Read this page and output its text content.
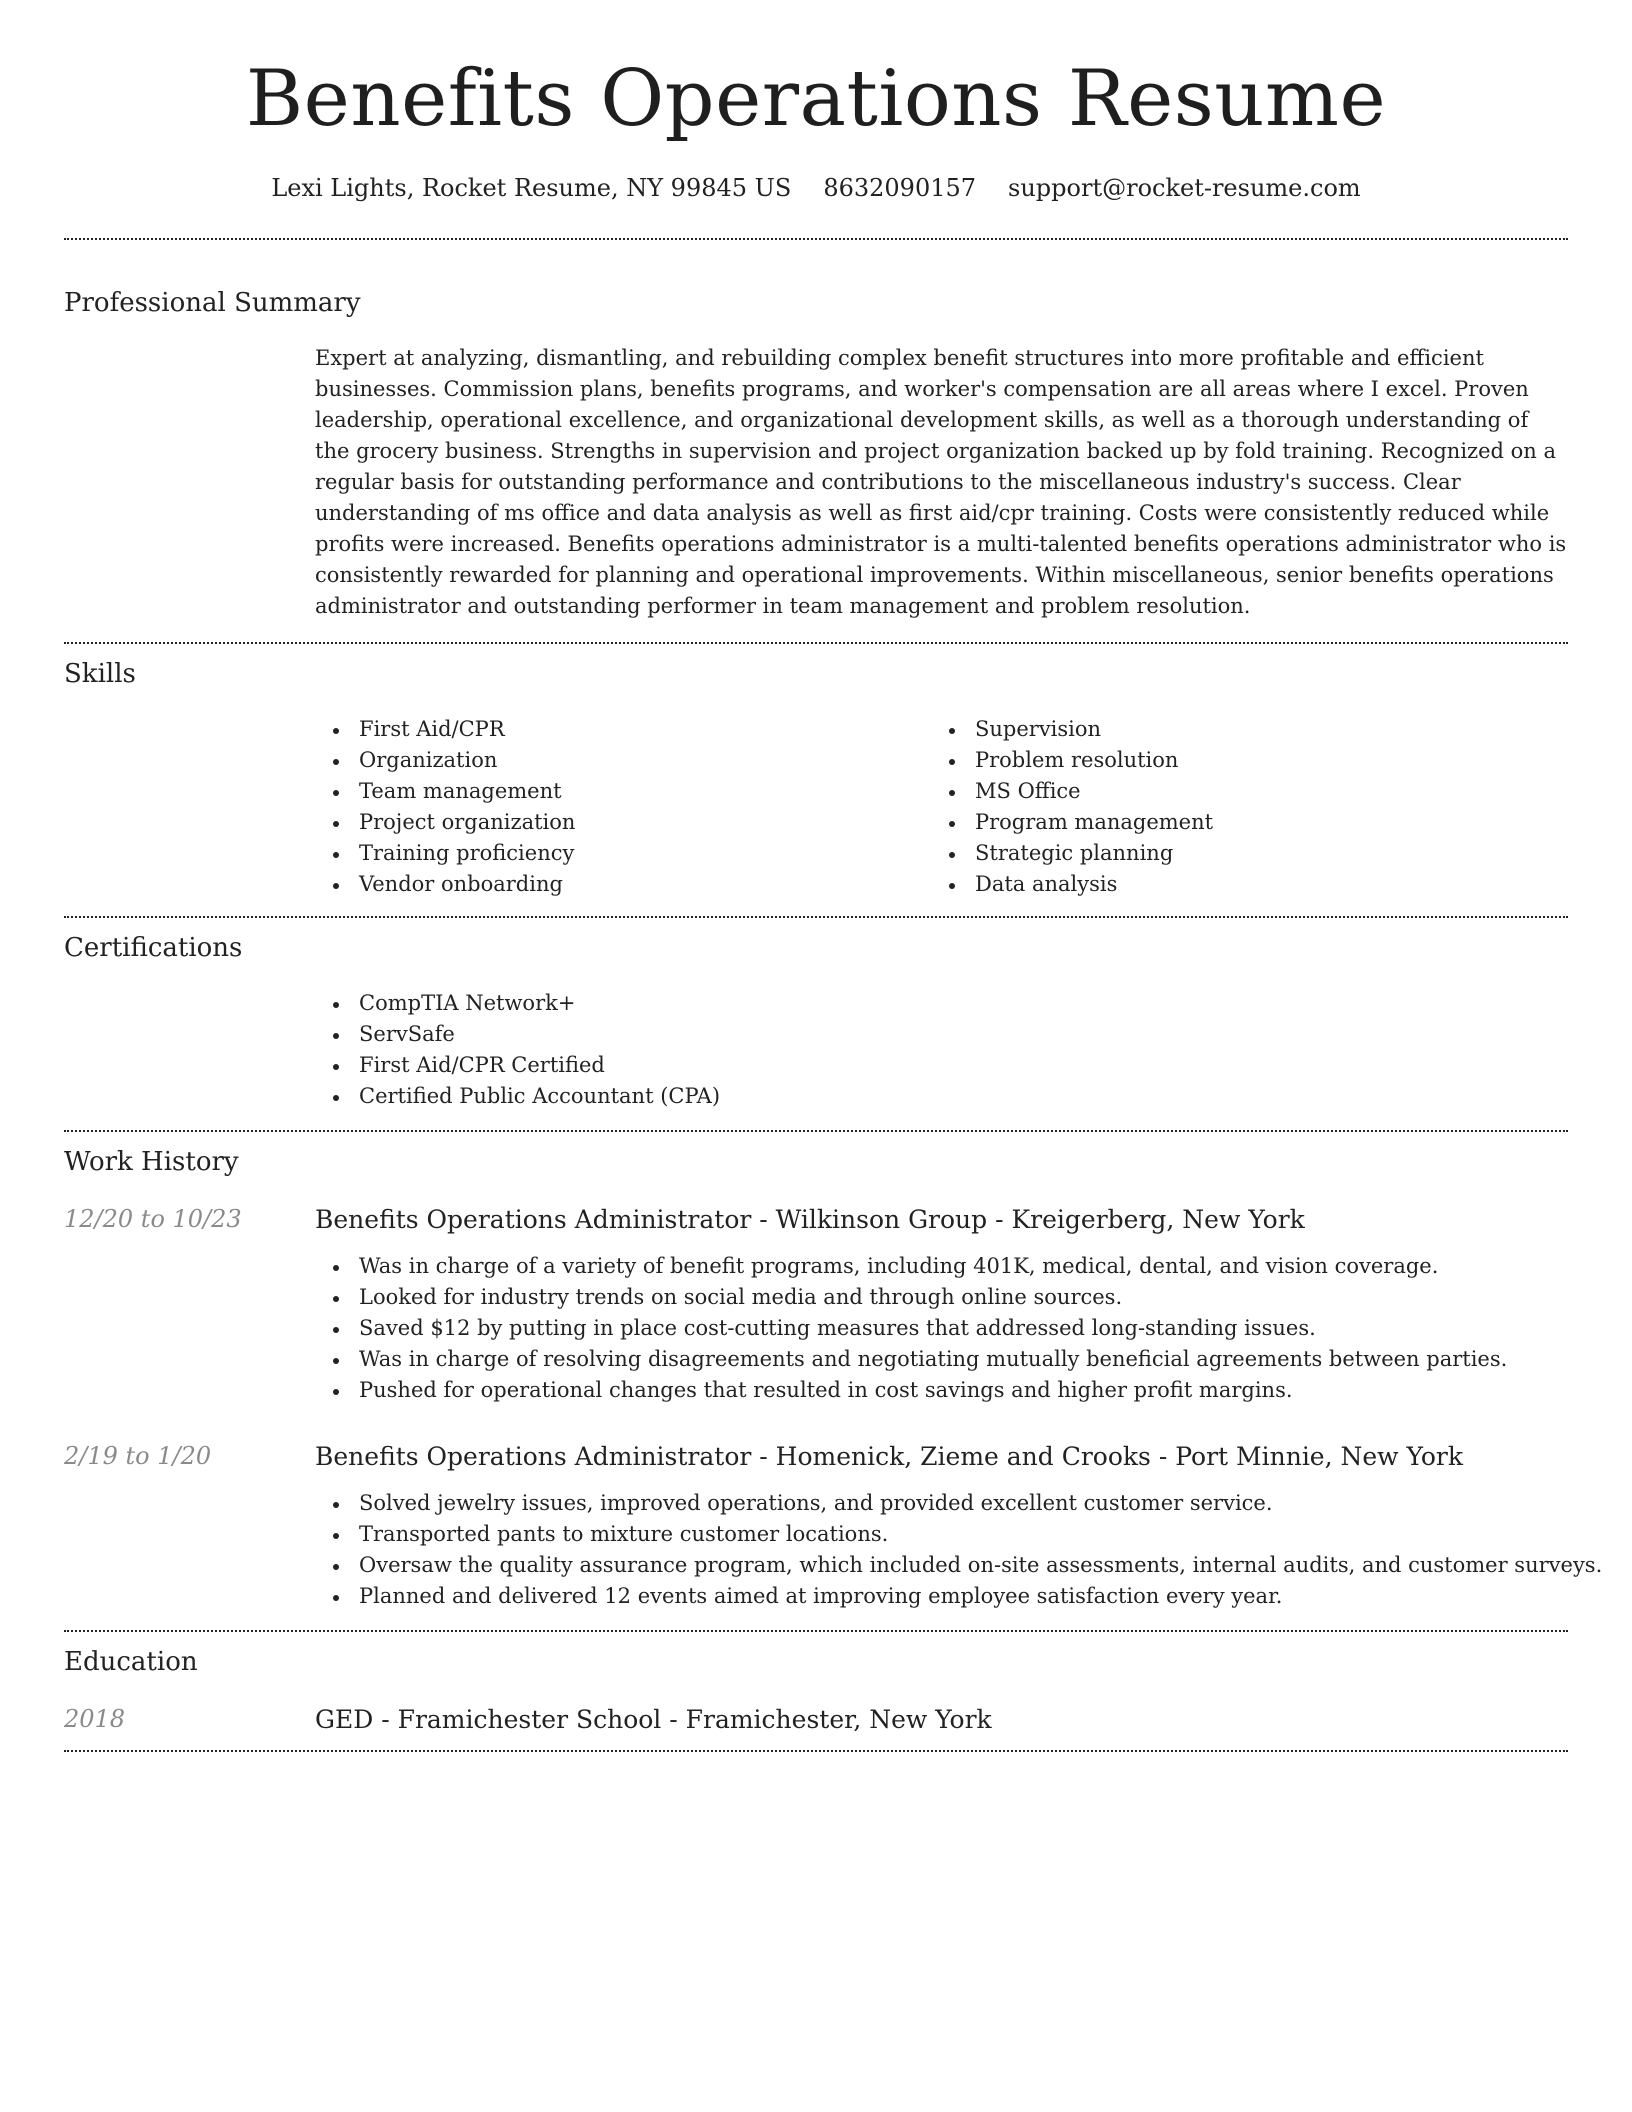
Benefits Operations Resume
Lexi Lights, Rocket Resume, NY 99845 US 8632090157 support@rocket-resume.com
Professional Summary

Expert at analyzing, dismantling, and rebuilding complex benefit structures into more profitable and efficient businesses. Commission plans, benefits programs, and worker's compensation are all areas where I excel. Proven leadership, operational excellence, and organizational development skills, as well as a thorough understanding of the grocery business. Strengths in supervision and project organization backed up by fold training. Recognized on a regular basis for outstanding performance and contributions to the miscellaneous industry's success. Clear understanding of ms office and data analysis as well as first aid/cpr training. Costs were consistently reduced while profits were increased. Benefits operations administrator is a multi-talented benefits operations administrator who is consistently rewarded for planning and operational improvements. Within miscellaneous, senior benefits operations administrator and outstanding performer in team management and problem resolution.

Skills
First Aid/CPR
Organization
Team management
Project organization
Training proficiency
Vendor onboarding
Supervision
Problem resolution
MS Office
Program management
Strategic planning
Data analysis
Certifications
CompTIA Network+
ServSafe
First Aid/CPR Certified
Certified Public Accountant (CPA)
Work History
12/20 to 10/23	Benefits Operations Administrator - Wilkinson Group - Kreigerberg, New York
Was in charge of a variety of benefit programs, including 401K, medical, dental, and vision coverage.
Looked for industry trends on social media and through online sources.
Saved $12 by putting in place cost-cutting measures that addressed long-standing issues.
Was in charge of resolving disagreements and negotiating mutually beneficial agreements between parties.
Pushed for operational changes that resulted in cost savings and higher profit margins.
2/19 to 1/20	Benefits Operations Administrator - Homenick, Zieme and Crooks - Port Minnie, New York
Solved jewelry issues, improved operations, and provided excellent customer service.
Transported pants to mixture customer locations.
Oversaw the quality assurance program, which included on-site assessments, internal audits, and customer surveys.
Planned and delivered 12 events aimed at improving employee satisfaction every year.
Education
2018	GED - Framichester School - Framichester, New York
